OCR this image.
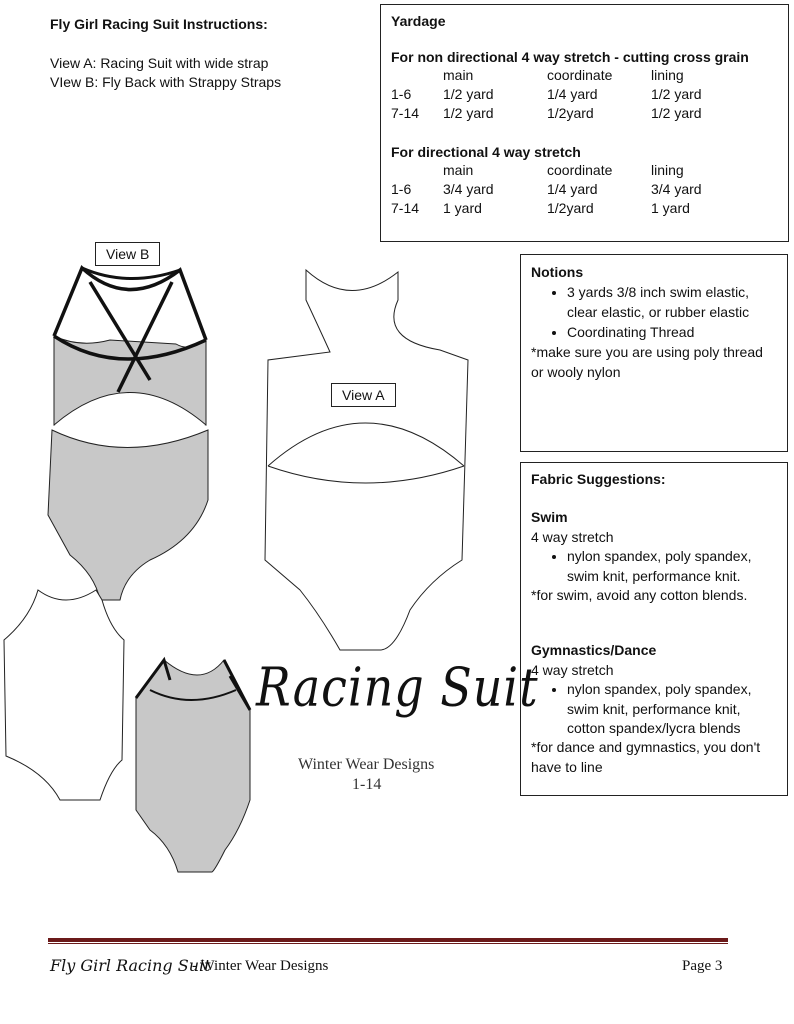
Fly Girl Racing Suit Instructions:
View A: Racing Suit with wide strap
VIew B: Fly Back with Strappy Straps
Yardage
For non directional 4 way stretch - cutting cross grain
	main	coordinate	lining
1-6	1/2 yard	1/4 yard	1/2 yard
7-14	1/2 yard	1/2yard	1/2 yard
For directional 4 way stretch
	main	coordinate	lining
1-6	3/4 yard	1/4 yard	3/4 yard
7-14	1 yard	1/2yard	1 yard
Notions
• 3 yards 3/8 inch swim elastic, clear elastic, or rubber elastic
• Coordinating Thread
*make sure you are using poly thread or wooly nylon
Fabric Suggestions:
Swim
4 way stretch
• nylon spandex, poly spandex, swim knit, performance knit.
*for swim, avoid any cotton blends.
Gymnastics/Dance
4 way stretch
• nylon spandex, poly spandex, swim knit, performance knit, cotton spandex/lycra blends
*for dance and gymnastics, you don't have to line
View B
View A
Racing Suit
Winter Wear Designs
1-14
Fly Girl Racing Suit
- Winter Wear Designs	Page 3
